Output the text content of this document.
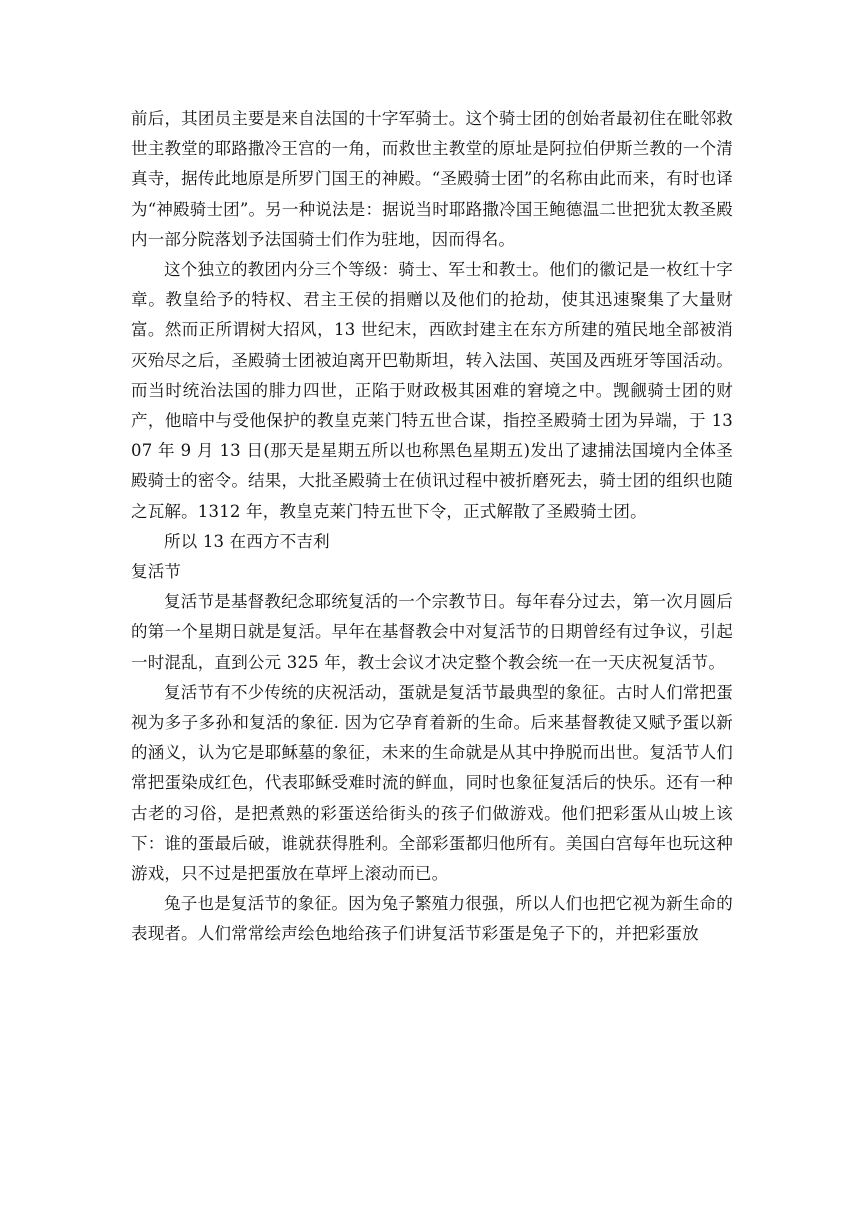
前后，其团员主要是来自法国的十字军骑士。这个骑士团的创始者最初住在毗邻救世主教堂的耶路撒冷王宫的一角，而救世主教堂的原址是阿拉伯伊斯兰教的一个清真寺，据传此地原是所罗门国王的神殿。“圣殿骑士团”的名称由此而来，有时也译为“神殿骑士团”。另一种说法是：据说当时耶路撒冷国王鲍德温二世把犹太教圣殿内一部分院落划予法国骑士们作为驻地，因而得名。

这个独立的教团内分三个等级：骑士、军士和教士。他们的徽记是一枚红十字章。教皇给予的特权、君主王侯的捐赠以及他们的抢劫，使其迅速聚集了大量财富。然而正所谓树大招风，13 世纪末，西欧封建主在东方所建的殖民地全部被消灭殆尽之后，圣殿骑士团被迫离开巴勒斯坦，转入法国、英国及西班牙等国活动。而当时统治法国的腓力四世，正陷于财政极其困难的窘境之中。觊觎骑士团的财产，他暗中与受他保护的教皇克莱门特五世合谋，指控圣殿骑士团为异端，于 1307 年 9 月 13 日(那天是星期五所以也称黑色星期五)发出了逮捕法国境内全体圣殿骑士的密令。结果，大批圣殿骑士在侦讯过程中被折磨死去，骑士团的组织也随之瓦解。1312 年，教皇克莱门特五世下令，正式解散了圣殿骑士团。

所以 13 在西方不吉利

复活节

复活节是基督教纪念耶统复活的一个宗教节日。每年春分过去，第一次月圆后的第一个星期日就是复活。早年在基督教会中对复活节的日期曾经有过争议，引起一时混乱，直到公元 325 年，教士会议才决定整个教会统一在一天庆祝复活节。

复活节有不少传统的庆祝活动，蛋就是复活节最典型的象征。古时人们常把蛋视为多子多孙和复活的象征. 因为它孕育着新的生命。后来基督教徒又赋予蛋以新的涵义，认为它是耶稣墓的象征，未来的生命就是从其中挣脱而出世。复活节人们常把蛋染成红色，代表耶稣受难时流的鲜血，同时也象征复活后的快乐。还有一种古老的习俗，是把煮熟的彩蛋送给街头的孩子们做游戏。他们把彩蛋从山坡上该下：谁的蛋最后破，谁就获得胜利。全部彩蛋都归他所有。美国白宫每年也玩这种游戏，只不过是把蛋放在草坪上滚动而已。

兔子也是复活节的象征。因为兔子繁殖力很强，所以人们也把它视为新生命的表现者。人们常常绘声绘色地给孩子们讲复活节彩蛋是兔子下的，并把彩蛋放
